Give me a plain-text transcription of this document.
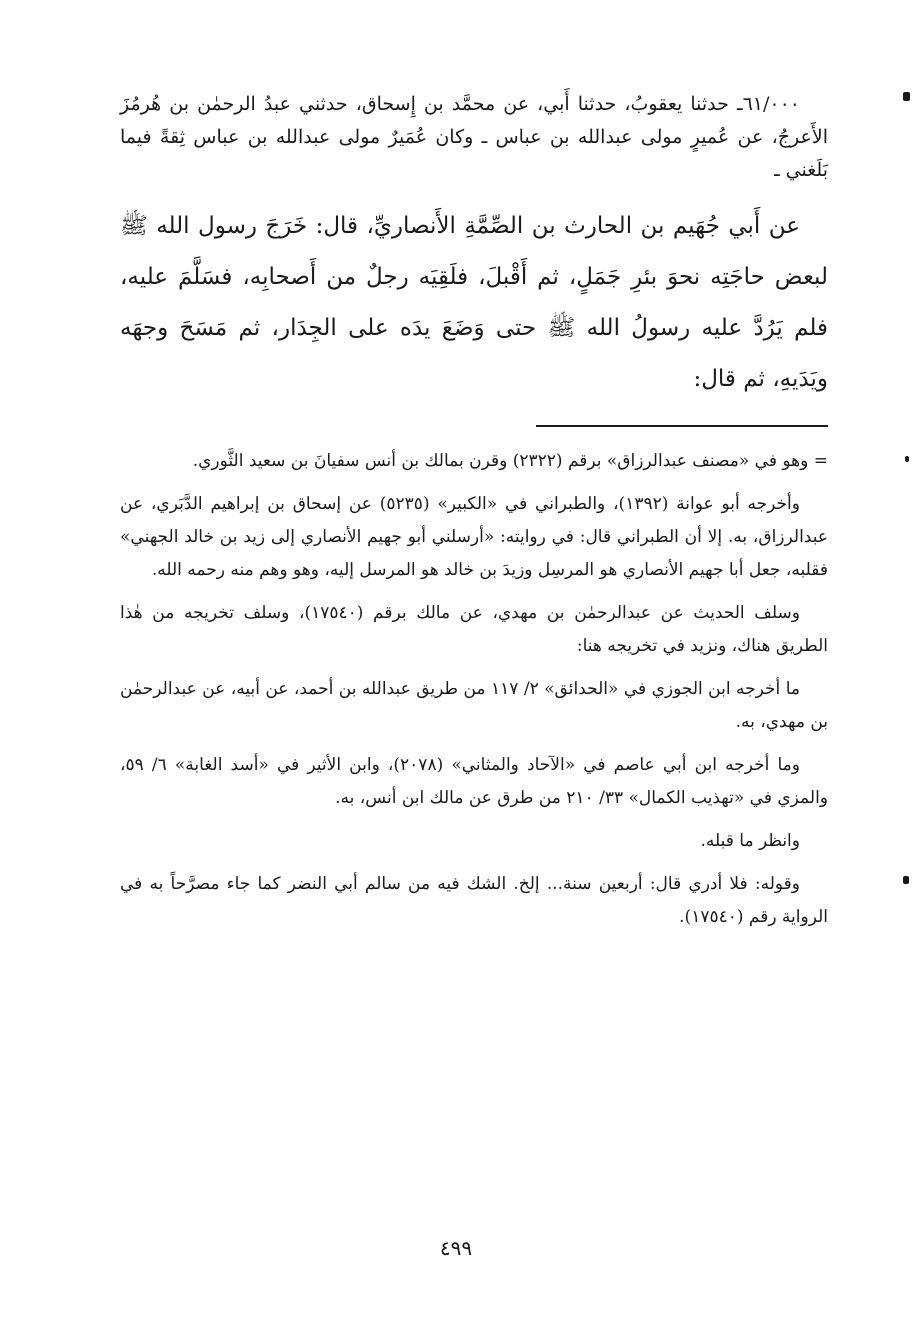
٦١/٠٠٠ـ حدثنا يعقوبُ، حدثنا أَبي، عن محمَّد بن إِسحاق، حدثني عبدُ الرحمٰن بن هُرمُزَ الأَعرجُ، عن عُميرٍ مولى عبدالله بن عباس ـ وكان عُمَيرٌ مولى عبدالله بن عباس ثِقةً فيما بَلَغني ـ

عن أَبي جُهَيم بن الحارث بن الصِّمَّةِ الأَنصاريِّ، قال: خَرَجَ رسول الله ﷺ لبعض حاجَتِه نحوَ بئرِ جَمَلٍ، ثم أَقْبلَ، فلَقِيَه رجلٌ من أَصحابِه، فسَلَّمَ عليه، فلم يَرُدَّ عليه رسولُ الله ﷺ حتى وَضَعَ يدَه على الجِدَار، ثم مَسَحَ وجهَه ويَدَيهِ، ثم قال:

= وهو في «مصنف عبدالرزاق» برقم (٢٣٢٢) وقرن بمالك بن أنس سفيانَ بن سعيد الثَّوري.

وأخرجه أبو عوانة (١٣٩٢)، والطبراني في «الكبير» (٥٢٣٥) عن إسحاق بن إبراهيم الدَّبَري، عن عبدالرزاق، به. إلا أن الطبراني قال: في روايته: «أرسلني أبو جهيم الأنصاري إلى زيد بن خالد الجهني» فقلبه، جعل أبا جهيم الأنصاري هو المرسِل وزيدَ بن خالد هو المرسل إليه، وهو وهم منه رحمه الله.

وسلف الحديث عن عبدالرحمٰن بن مهدي، عن مالك برقم (١٧٥٤٠)، وسلف تخريجه من هٰذا الطريق هناك، ونزيد في تخريجه هنا:

ما أخرجه ابن الجوزي في «الحدائق» ٢/ ١١٧ من طريق عبدالله بن أحمد، عن أبيه، عن عبدالرحمٰن بن مهدي، به.

وما أخرجه ابن أبي عاصم في «الآحاد والمثاني» (٢٠٧٨)، وابن الأثير في «أسد الغابة» ٦/ ٥٩، والمزي في «تهذيب الكمال» ٣٣/ ٢١٠ من طرق عن مالك ابن أنس، به.

وانظر ما قبله.

وقوله: فلا أدري قال: أربعين سنة... إلخ. الشك فيه من سالم أبي النضر كما جاء مصرَّحاً به في الرواية رقم (١٧٥٤٠).

٤٩٩
